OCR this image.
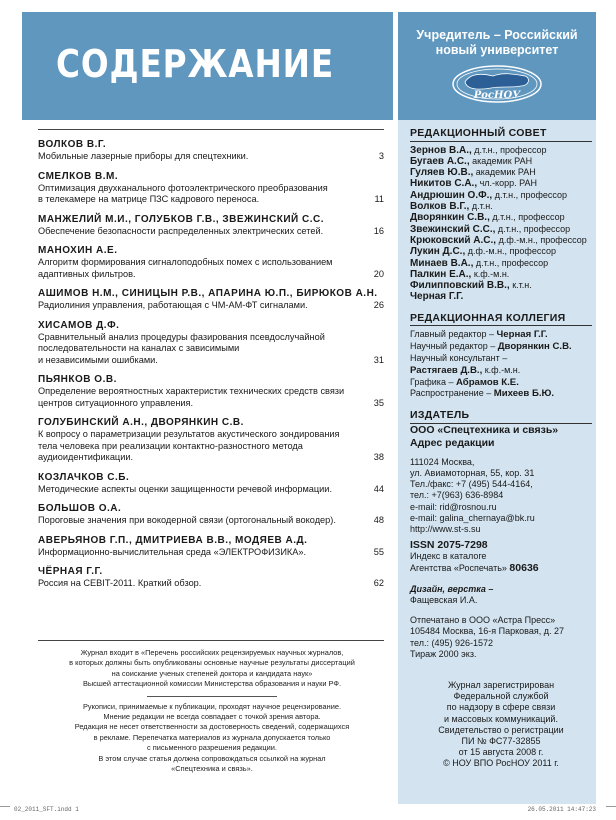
СОДЕРЖАНИЕ
Учредитель – Российский
новый университет
РосНОУ
РЕДАКЦИОННЫЙ СОВЕТ
Зернов В.А., д.т.н., профессор
Бугаев А.С., академик РАН
Гуляев Ю.В., академик РАН
Никитов С.А., чл.-корр. РАН
Андрюшин О.Ф., д.т.н., профессор
Волков В.Г., д.т.н.
Дворянкин С.В., д.т.н., профессор
Звежинский С.С., д.т.н., профессор
Крюковский А.С., д.ф.-м.н., профессор
Лукин Д.С., д.ф.-м.н., профессор
Минаев В.А., д.т.н., профессор
Палкин Е.А., к.ф.-м.н.
Филипповский В.В., к.т.н.
Черная Г.Г.
РЕДАКЦИОННАЯ КОЛЛЕГИЯ
Главный редактор – Черная Г.Г.
Научный редактор – Дворянкин С.В.
Научный консультант –
Растягаев Д.В., к.ф.-м.н.
Графика – Абрамов К.Е.
Распространение – Михеев Б.Ю.
ИЗДАТЕЛЬ
ООО «Спецтехника и связь»
Адрес редакции
111024 Москва,
ул. Авиамоторная, 55, кор. 31
Тел./факс: +7 (495) 544-4164,
тел.: +7(963) 636-8984
e-mail: rid@rosnou.ru
e-mail: galina_chernaya@bk.ru
http://www.st-s.su
ISSN 2075-7298
Индекс в каталоге
Агентства «Роспечать» 80636
Дизайн, верстка –
Фащевская И.А.
Отпечатано в ООО «Астра Пресс»
105484 Москва, 16-я Парковая, д. 27
тел.: (495) 926-1572
Тираж 2000 экз.
Журнал зарегистрирован
Федеральной службой
по надзору в сфере связи
и массовых коммуникаций.
Свидетельство о регистрации
ПИ № ФС77-32855
от 15 августа 2008 г.
© НОУ ВПО РосНОУ 2011 г.
ВОЛКОВ В.Г.
Мобильные лазерные приборы для спецтехники.	3
СМЕЛКОВ В.М.
Оптимизация двухканального фотоэлектрического преобразования
в телекамере на матрице ПЗС кадрового переноса.	11
МАНЖЕЛИЙ М.И., ГОЛУБКОВ Г.В., ЗВЕЖИНСКИЙ С.С.
Обеспечение безопасности распределенных электрических сетей.	16
МАНОХИН А.Е.
Алгоритм формирования сигналоподобных помех с использованием
адаптивных фильтров.	20
АШИМОВ Н.М., СИНИЦЫН Р.В., АПАРИНА Ю.П., БИРЮКОВ А.Н.
Радиолиния управления, работающая с ЧМ-АМ-ФТ сигналами.	26
ХИСАМОВ Д.Ф.
Сравнительный анализ процедуры фазирования псевдослучайной
последовательности на каналах с зависимыми
и независимыми ошибками.	31
ПЬЯНКОВ О.В.
Определение вероятностных характеристик технических средств связи
центров ситуационного управления.	35
ГОЛУБИНСКИЙ А.Н., ДВОРЯНКИН С.В.
К вопросу о параметризации результатов акустического зондирования
тела человека при реализации контактно-разностного метода
аудиоидентификации.	38
КОЗЛАЧКОВ С.Б.
Методические аспекты оценки защищенности речевой информации.	44
БОЛЬШОВ О.А.
Пороговые значения при вокодерной связи (ортогональный вокодер).	48
АВЕРЬЯНОВ Г.П., ДМИТРИЕВА В.В., МОДЯЕВ А.Д.
Информационно-вычислительная среда «ЭЛЕКТРОФИЗИКА».	55
ЧЁРНАЯ Г.Г.
Россия на CEBIT-2011. Краткий обзор.	62
Журнал входит в «Перечень российских рецензируемых научных журналов,
в которых должны быть опубликованы основные научные результаты диссертаций
на соискание ученых степеней доктора и кандидата наук»
Высшей аттестационной комиссии Министерства образования и науки РФ.
Рукописи, принимаемые к публикации, проходят научное рецензирование.
Мнение редакции не всегда совпадает с точкой зрения автора.
Редакция не несет ответственности за достоверность сведений, содержащихся
в рекламе. Перепечатка материалов из журнала допускается только
с письменного разрешения редакции.
В этом случае статья должна сопровождаться ссылкой на журнал
«Спецтехника и связь».
02_2011_SFT.indd 1	26.05.2011 14:47:23
